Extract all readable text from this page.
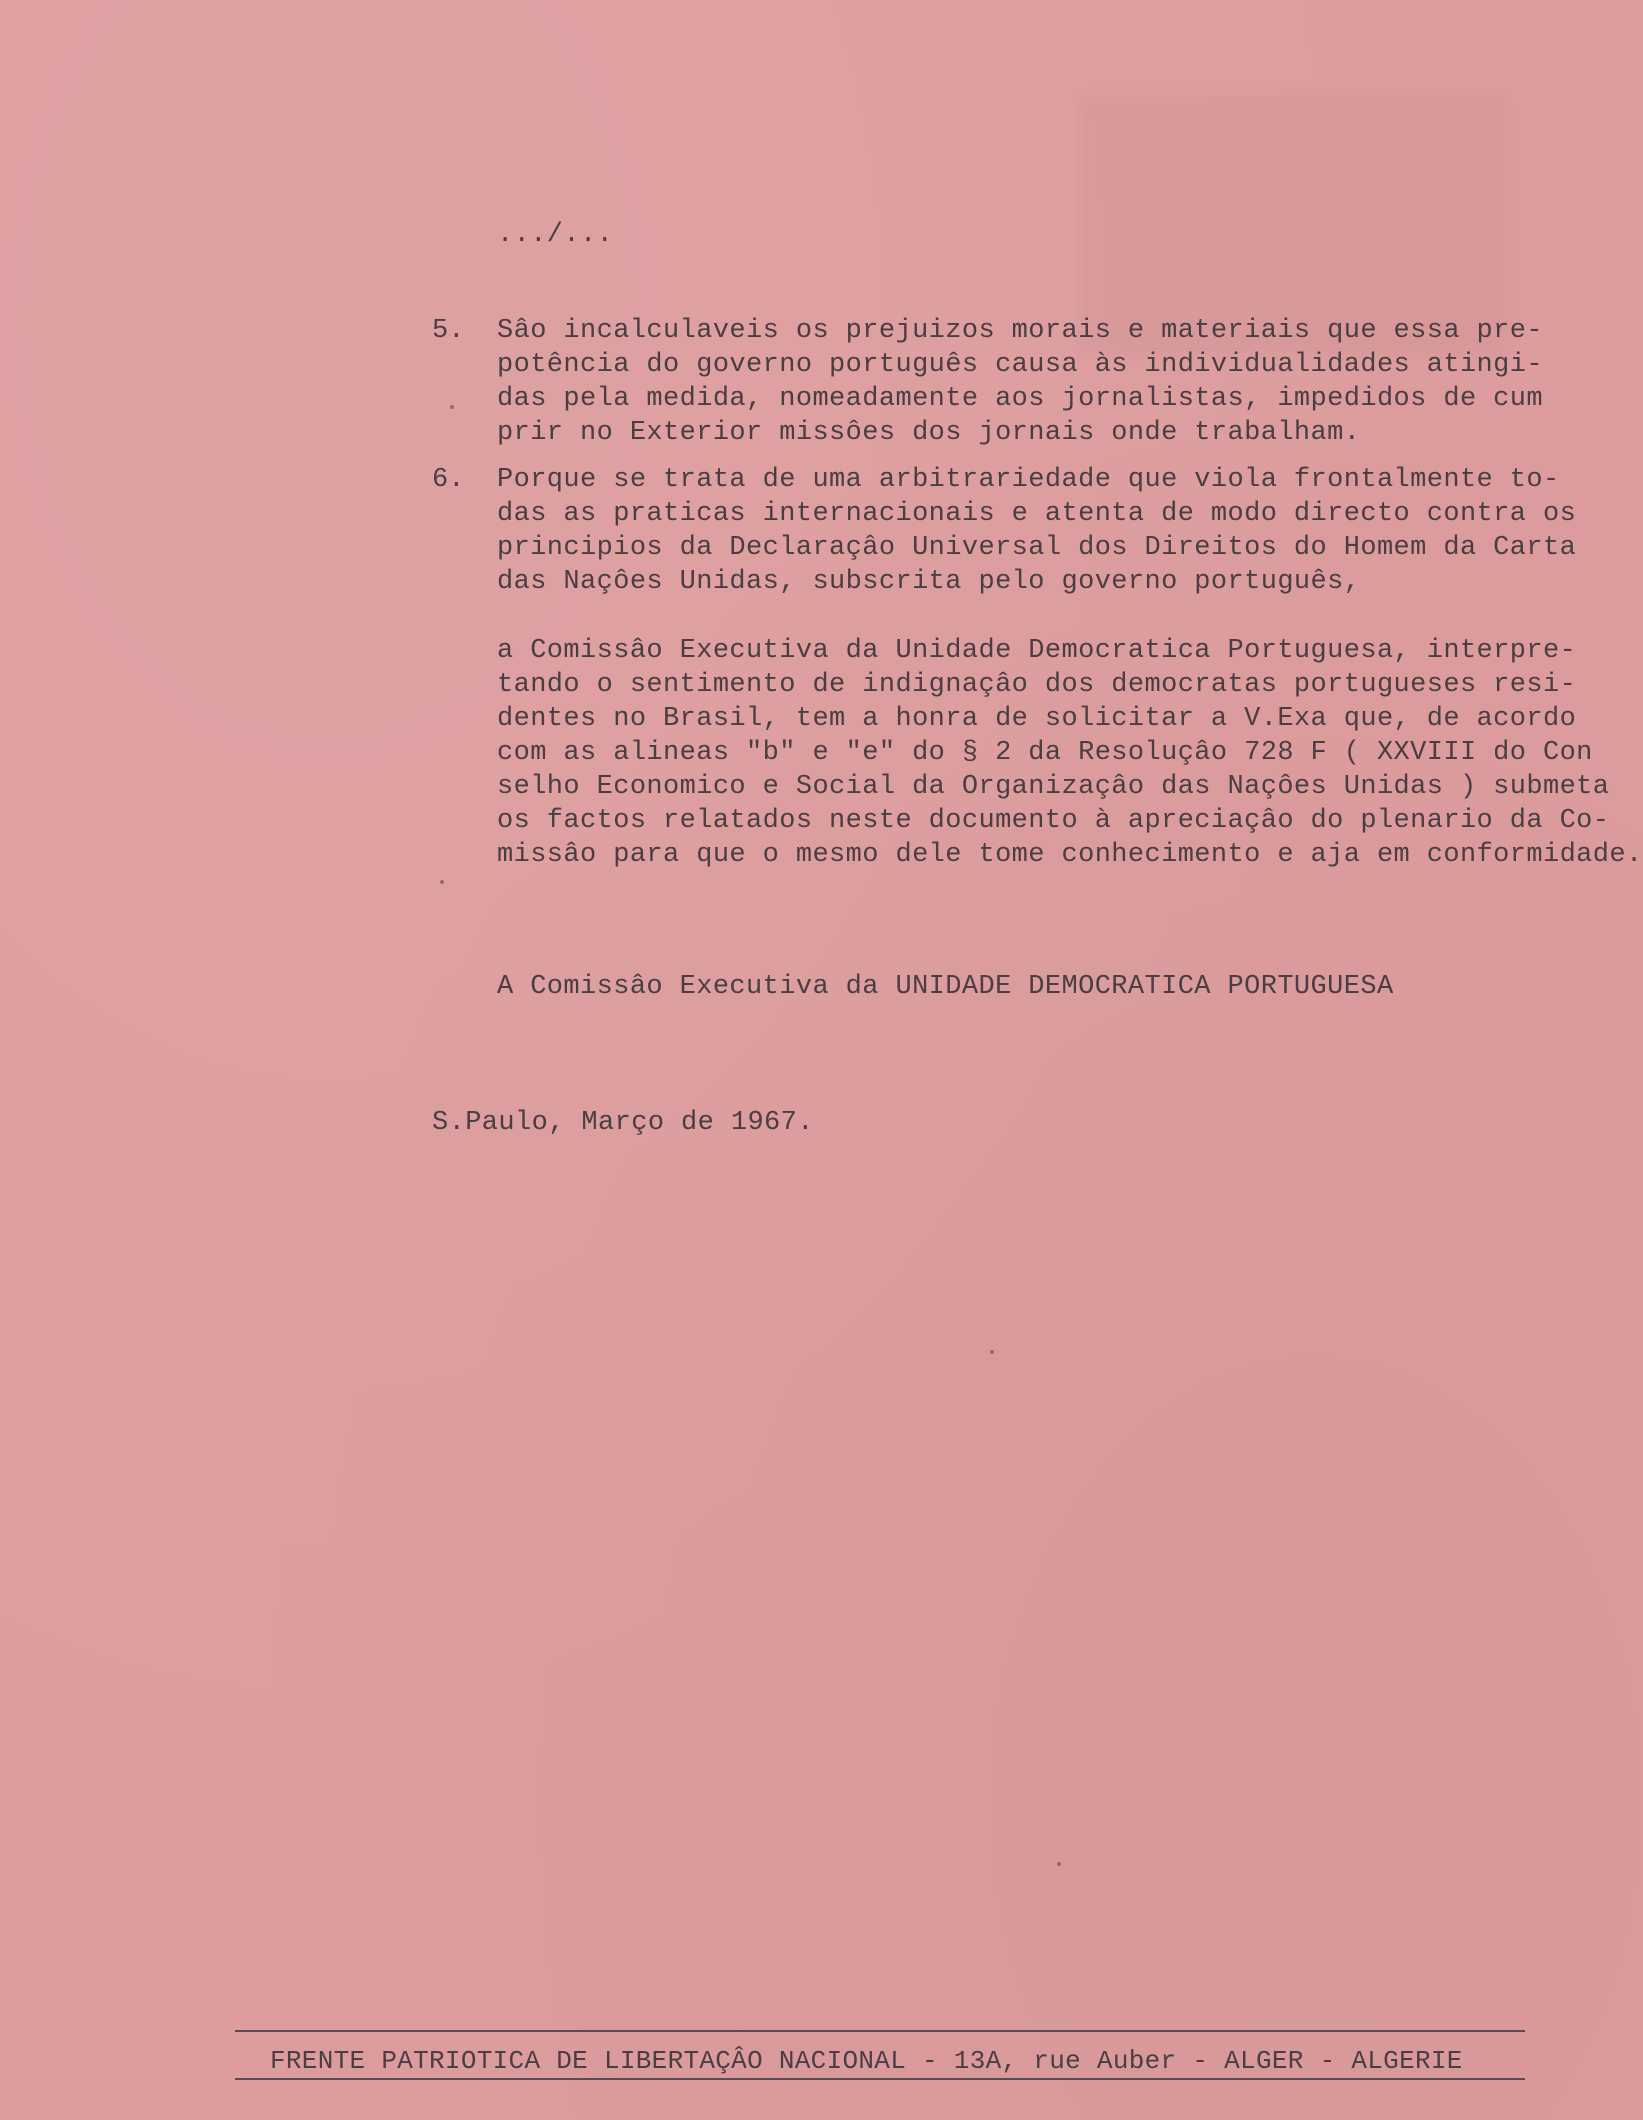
.../...
5. Sâo incalculaveis os prejuizos morais e materiais que essa pre-
potência do governo português causa às individualidades atingi-
das pela medida, nomeadamente aos jornalistas, impedidos de cum
prir no Exterior missôes dos jornais onde trabalham.
6. Porque se trata de uma arbitrariedade que viola frontalmente to-
das as praticas internacionais e atenta de modo directo contra os
principios da Declaraçâo Universal dos Direitos do Homem da Carta
das Naçôes Unidas, subscrita pelo governo português,
a Comissâo Executiva da Unidade Democratica Portuguesa, interpre-
tando o sentimento de indignaçâo dos democratas portugueses resi-
dentes no Brasil, tem a honra de solicitar a V.Exa que, de acordo
com as alineas "b" e "e" do § 2 da Resoluçâo 728 F ( XXVIII do Con
selho Economico e Social da Organizaçâo das Naçôes Unidas ) submeta
os factos relatados neste documento à apreciaçâo do plenario da Co-
missâo para que o mesmo dele tome conhecimento e aja em conformidade.
A Comissâo Executiva da UNIDADE DEMOCRATICA PORTUGUESA
S.Paulo, Março de 1967.
FRENTE PATRIOTICA DE LIBERTAÇÂO NACIONAL - 13A, rue Auber - ALGER - ALGERIE
